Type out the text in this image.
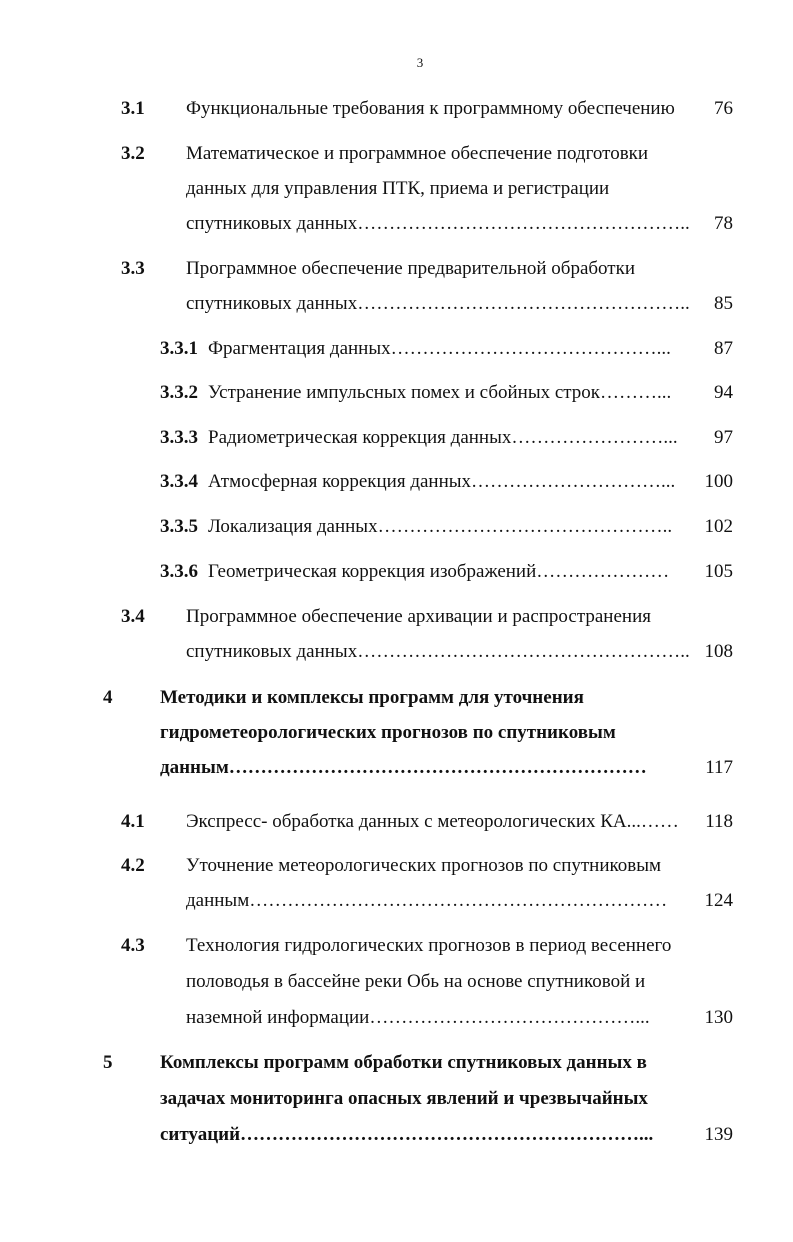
3
3.1 Функциональные требования к программному обеспечению 76
3.2 Математическое и программное обеспечение подготовки
данных для управления ПТК, приема и регистрации
спутниковых данных…………………………………………….. 78
3.3 Программное обеспечение предварительной обработки
спутниковых данных…………………………………………….. 85
3.3.1 Фрагментация данных……………………………………... 87
3.3.2 Устранение импульсных помех и сбойных строк………... 94
3.3.3 Радиометрическая коррекция данных……………………... 97
3.3.4 Атмосферная коррекция данных…………………………... 100
3.3.5 Локализация данных……………………………………….. 102
3.3.6 Геометрическая коррекция изображений………………… 105
3.4 Программное обеспечение архивации и распространения
спутниковых данных…………………………………………….. 108
4	Методики и комплексы программ для уточнения
гидрометеорологических прогнозов по спутниковым
данным…………………………………………………………	117
4.1 Экспресс- обработка данных с метеорологических КА...…… 118
4.2 Уточнение метеорологических прогнозов по спутниковым
данным………………………………………………………… 124
4.3 Технология гидрологических прогнозов в период весеннего
половодья в бассейне реки Обь на основе спутниковой и
наземной информации……………………………………...	130
5	Комплексы программ обработки спутниковых данных в
задачах мониторинга опасных явлений и чрезвычайных
ситуаций………………………………………………………...	139
